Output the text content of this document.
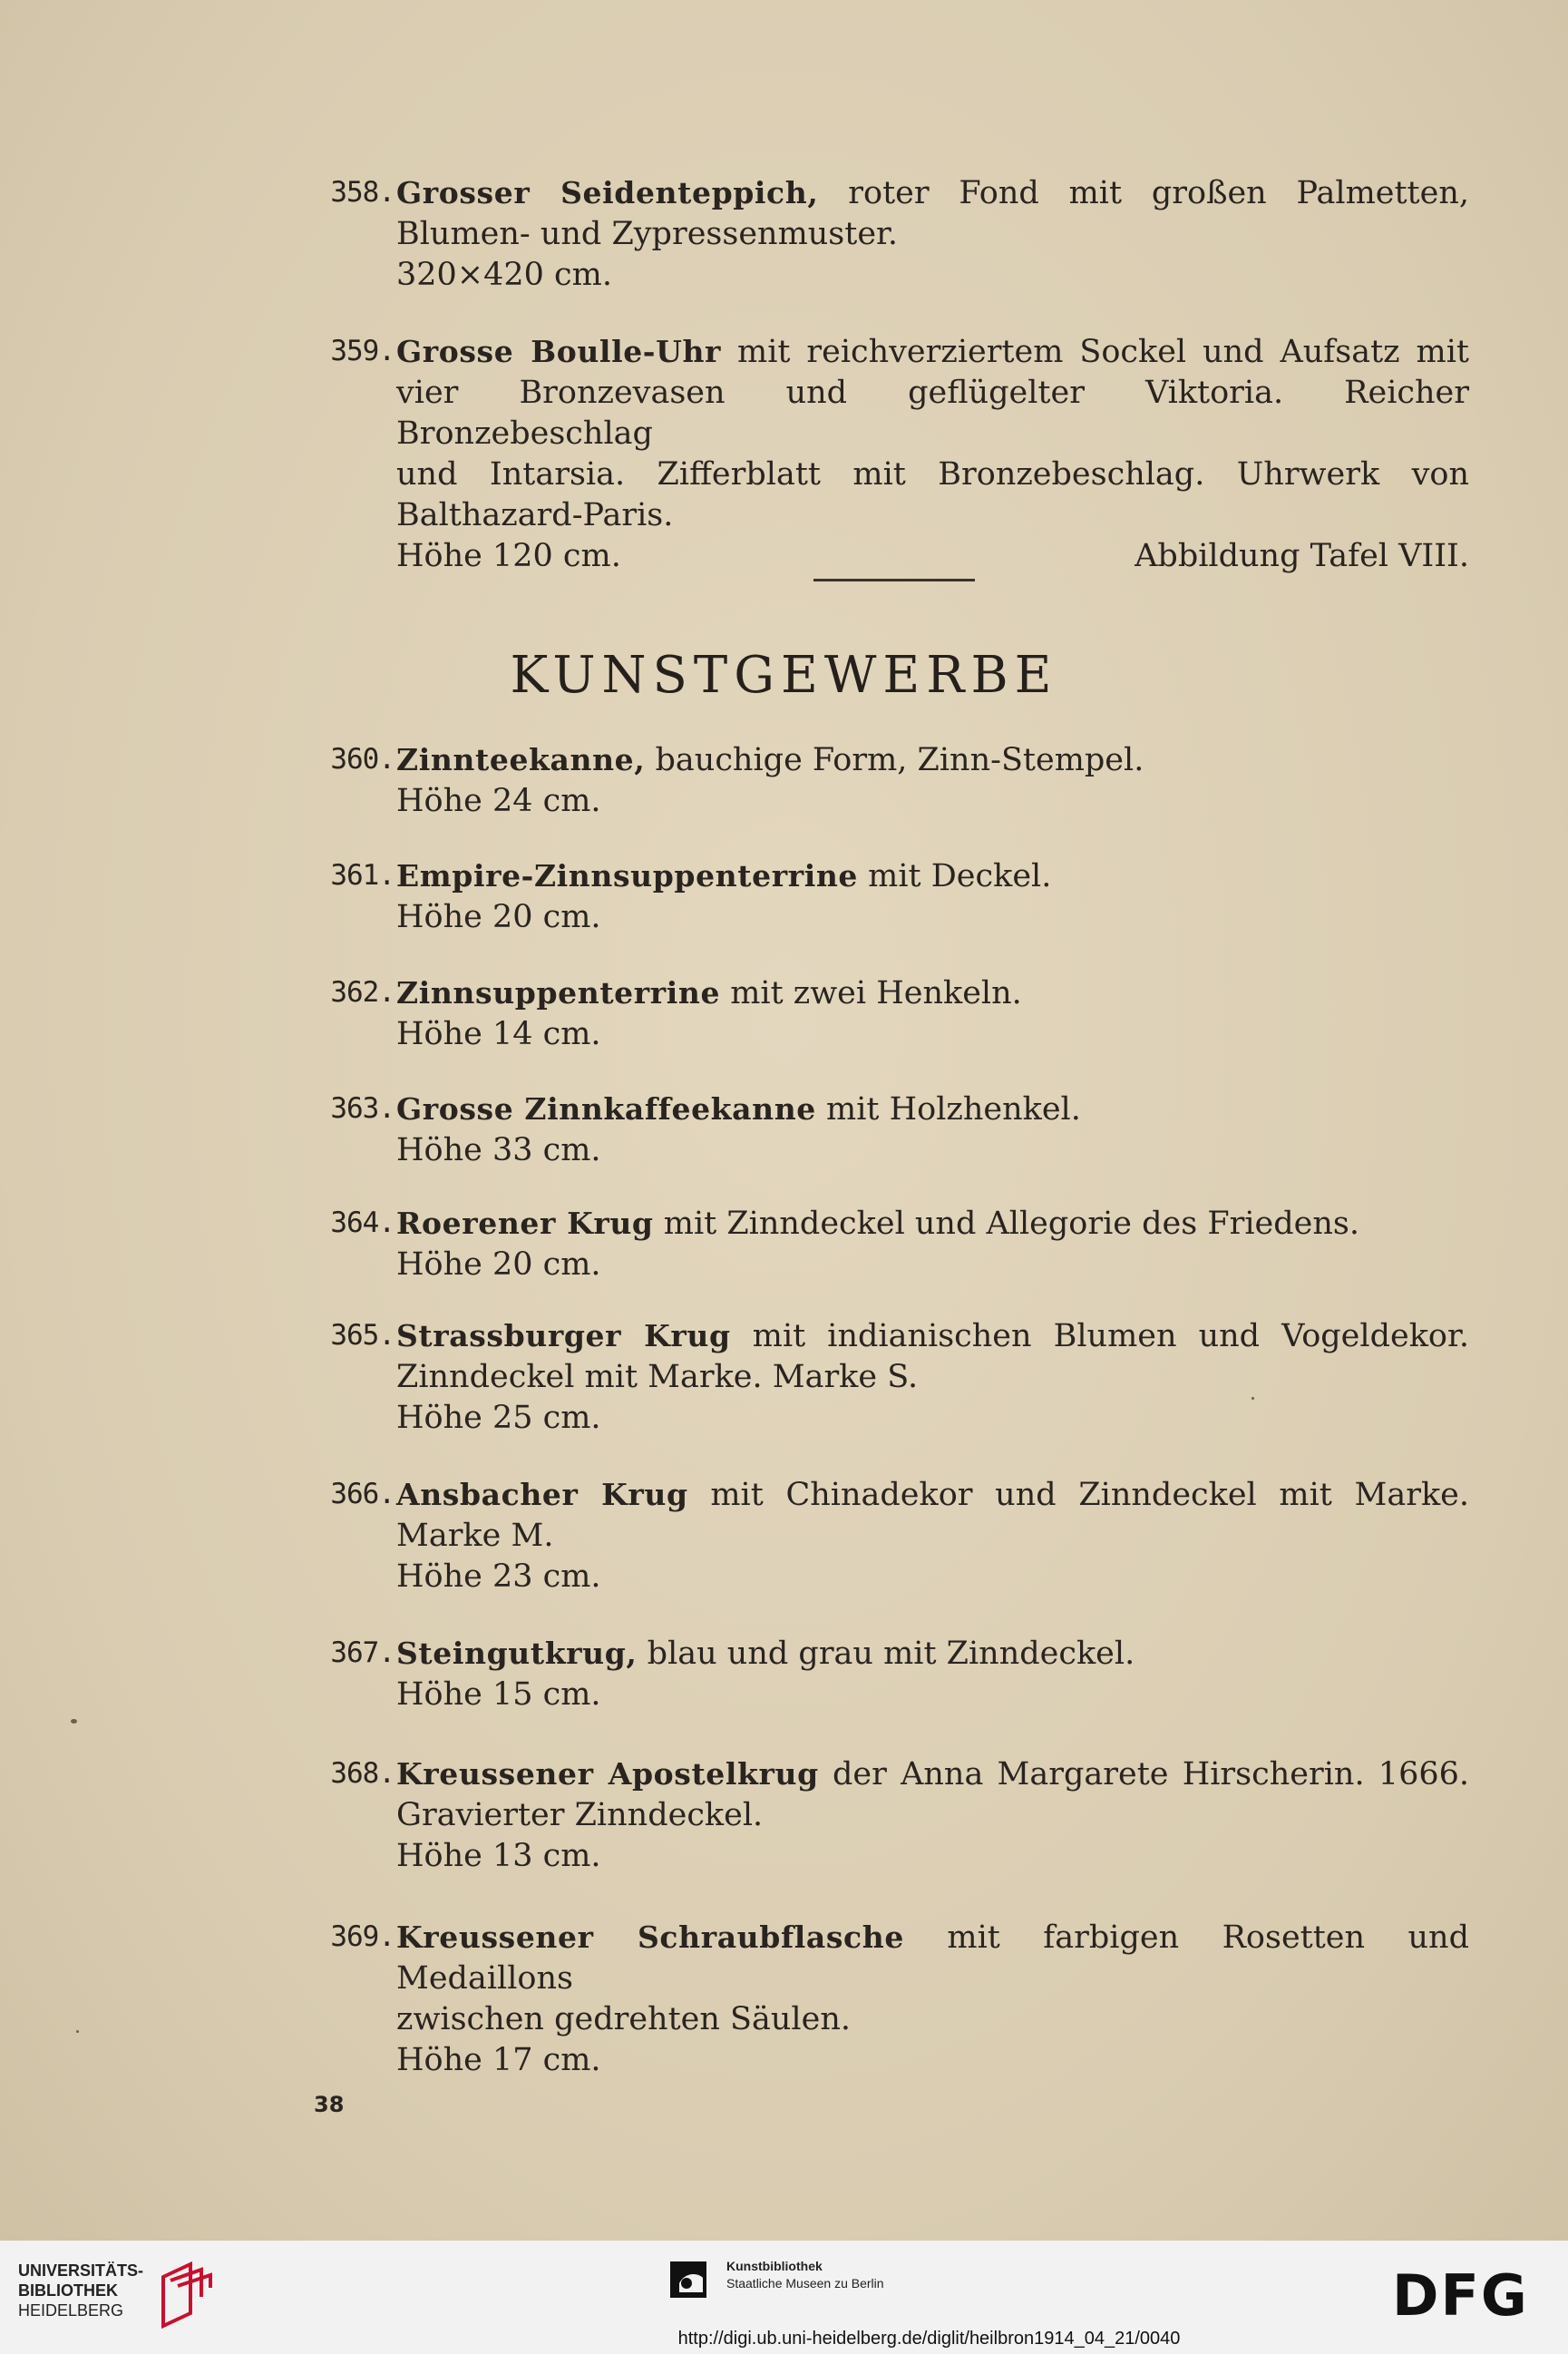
358. Grosser Seidenteppich, roter Fond mit großen Palmetten,
Blumen- und Zypressenmuster.
320×420 cm.
359. Grosse Boulle-Uhr mit reichverziertem Sockel und Aufsatz mit
vier Bronzevasen und geflügelter Viktoria. Reicher Bronzebeschlag
und Intarsia. Zifferblatt mit Bronzebeschlag. Uhrwerk von
Balthazard-Paris.
Höhe 120 cm.	Abbildung Tafel VIII.
KUNSTGEWERBE
360. Zinnteekanne, bauchige Form, Zinn-Stempel.
Höhe 24 cm.
361. Empire-Zinnsuppenterrine mit Deckel.
Höhe 20 cm.
362. Zinnsuppenterrine mit zwei Henkeln.
Höhe 14 cm.
363. Grosse Zinnkaffeekanne mit Holzhenkel.
Höhe 33 cm.
364. Roerener Krug mit Zinndeckel und Allegorie des Friedens.
Höhe 20 cm.
365. Strassburger Krug mit indianischen Blumen und Vogeldekor.
Zinndeckel mit Marke. Marke S.
Höhe 25 cm.
366. Ansbacher Krug mit Chinadekor und Zinndeckel mit Marke.
Marke M.
Höhe 23 cm.
367. Steingutkrug, blau und grau mit Zinndeckel.
Höhe 15 cm.
368. Kreussener Apostelkrug der Anna Margarete Hirscherin. 1666.
Gravierter Zinndeckel.
Höhe 13 cm.
369. Kreussener Schraubflasche mit farbigen Rosetten und Medaillons
zwischen gedrehten Säulen.
Höhe 17 cm.
38
UNIVERSITÄTS-
BIBLIOTHEK
HEIDELBERG
Kunstbibliothek
Staatliche Museen zu Berlin	DFG
http://digi.ub.uni-heidelberg.de/diglit/heilbron1914_04_21/0040
